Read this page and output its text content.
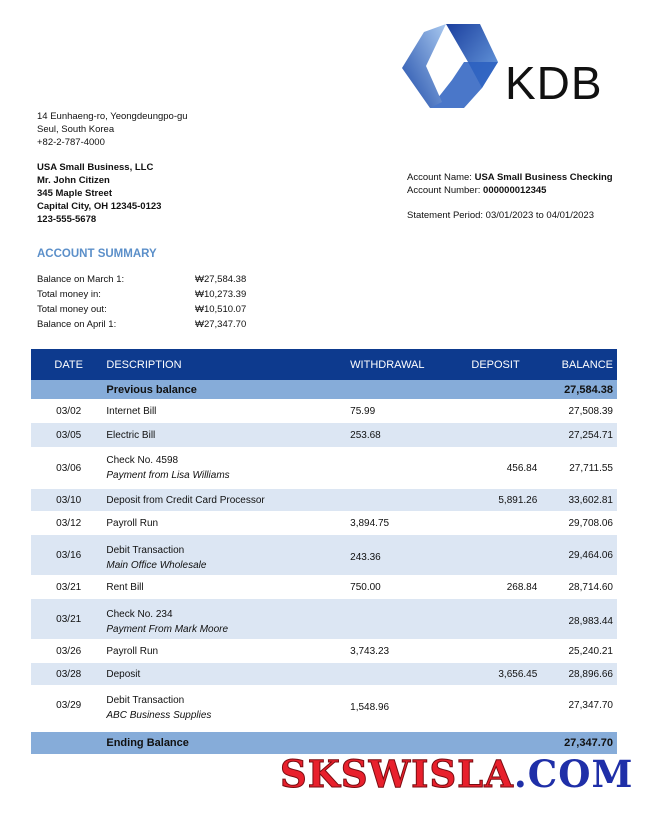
KDB
14 Eunhaeng-ro, Yeongdeungpo-gu
Seul, South Korea
+82-2-787-4000
USA Small Business, LLC
Mr. John Citizen
345 Maple Street
Capital City, OH 12345-0123
123-555-5678
Account Name: USA Small Business Checking
Account Number: 000000012345
Statement Period: 03/01/2023 to 04/01/2023
ACCOUNT SUMMARY
Balance on March 1:	₩27,584.38
Total money in:	₩10,273.39
Total money out:	₩10,510.07
Balance on April 1:	₩27,347.70
DATE	DESCRIPTION	WITHDRAWAL	DEPOSIT	BALANCE
	Previous balance			27,584.38
03/02	Internet Bill	75.99		27,508.39
03/05	Electric Bill	253.68		27,254.71
03/06	Check No. 4598
Payment from Lisa Williams		456.84	27,711.55
03/10	Deposit from Credit Card Processor		5,891.26	33,602.81
03/12	Payroll Run	3,894.75		29,708.06
03/16	Debit Transaction
Main Office Wholesale	243.36		29,464.06
03/21	Rent Bill	750.00	268.84	28,714.60
03/21	Check No. 234
Payment From Mark Moore			28,983.44
03/26	Payroll Run	3,743.23		25,240.21
03/28	Deposit		3,656.45	28,896.66
03/29	Debit Transaction
ABC Business Supplies	1,548.96		27,347.70

	Ending Balance			27,347.70
SKSWISLA.COM
